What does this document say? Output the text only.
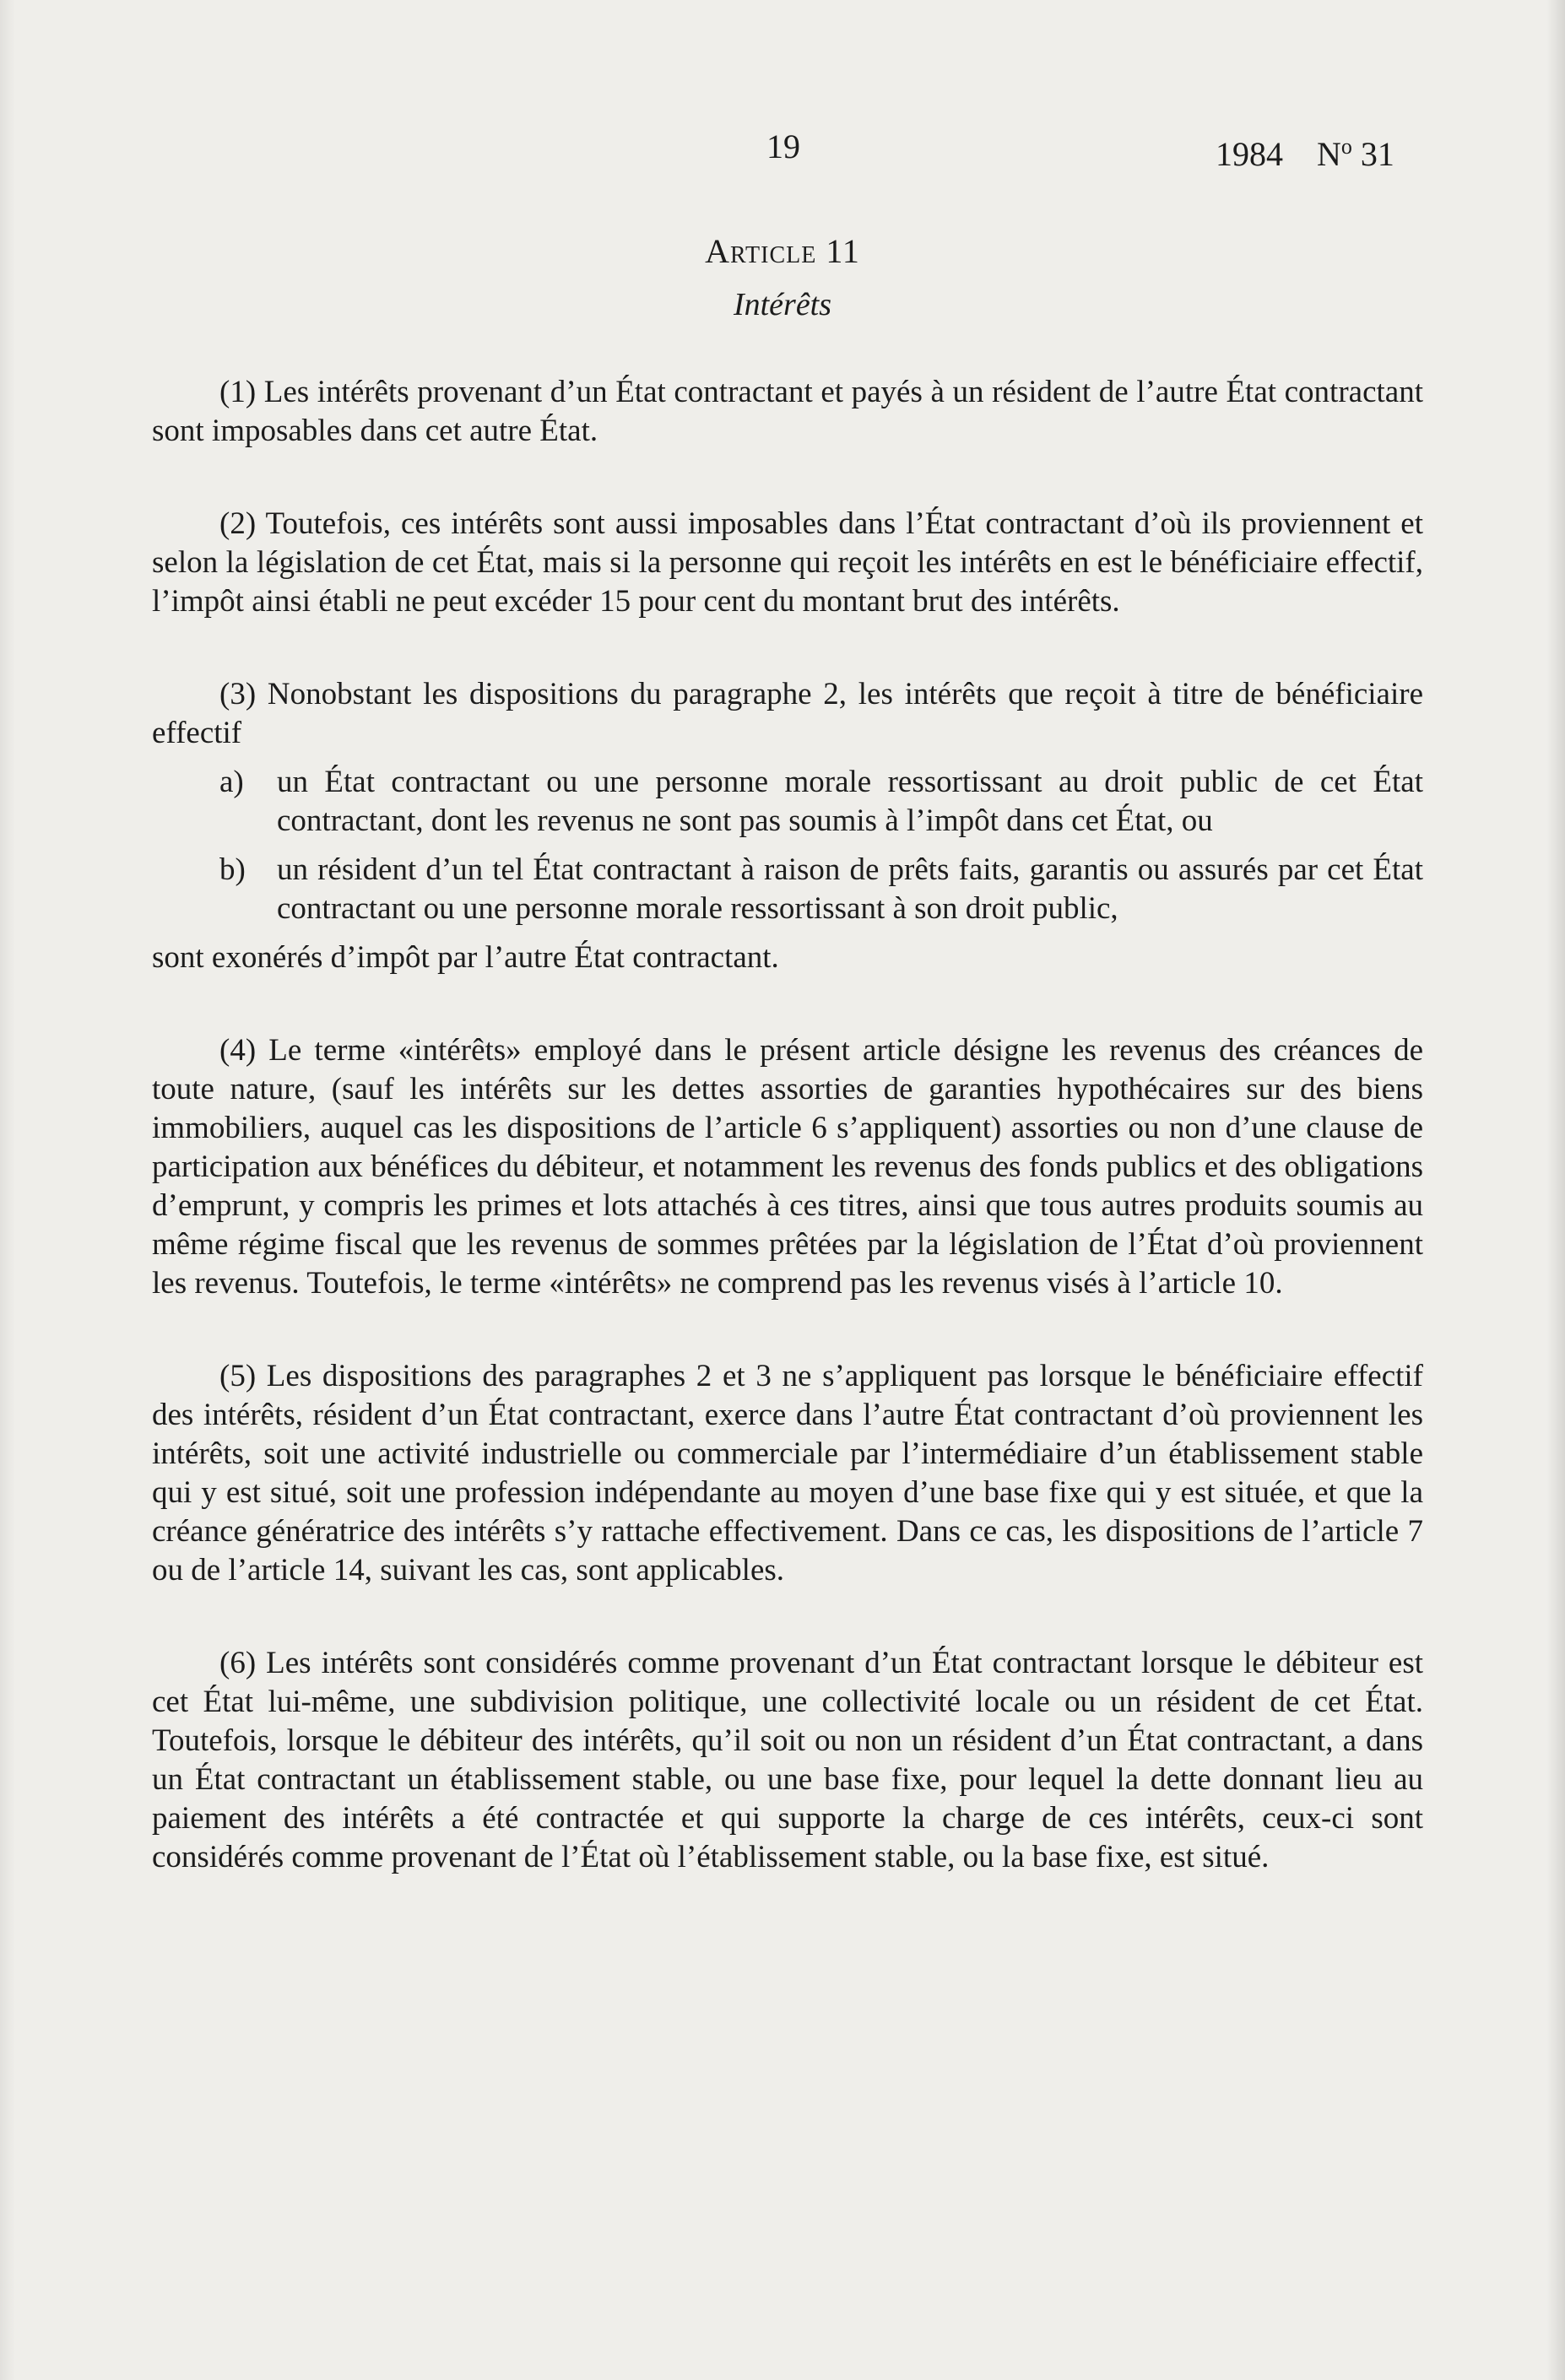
19	1984 $N^o$ 31
Article 11
Intérêts

(1) Les intérêts provenant d’un État contractant et payés à un résident de l’autre État contractant sont imposables dans cet autre État.

(2) Toutefois, ces intérêts sont aussi imposables dans l’État contractant d’où ils proviennent et selon la législation de cet État, mais si la personne qui reçoit les intérêts en est le bénéficiaire effectif, l’impôt ainsi établi ne peut excéder 15 pour cent du montant brut des intérêts.

(3) Nonobstant les dispositions du paragraphe 2, les intérêts que reçoit à titre de bénéficiaire effectif

a) un État contractant ou une personne morale ressortissant au droit public de cet État contractant, dont les revenus ne sont pas soumis à l’impôt dans cet État, ou
b) un résident d’un tel État contractant à raison de prêts faits, garantis ou assurés par cet État contractant ou une personne morale ressortissant à son droit public,

sont exonérés d’impôt par l’autre État contractant.

(4) Le terme «intérêts» employé dans le présent article désigne les revenus des créances de toute nature, (sauf les intérêts sur les dettes assorties de garanties hypothécaires sur des biens immobiliers, auquel cas les dispositions de l’article 6 s’appliquent) assorties ou non d’une clause de participation aux bénéfices du débiteur, et notamment les revenus des fonds publics et des obligations d’emprunt, y compris les primes et lots attachés à ces titres, ainsi que tous autres produits soumis au même régime fiscal que les revenus de sommes prêtées par la législation de l’État d’où proviennent les revenus. Toutefois, le terme «intérêts» ne comprend pas les revenus visés à l’article 10.

(5) Les dispositions des paragraphes 2 et 3 ne s’appliquent pas lorsque le bénéficiaire effectif des intérêts, résident d’un État contractant, exerce dans l’autre État contractant d’où proviennent les intérêts, soit une activité industrielle ou commerciale par l’intermédiaire d’un établissement stable qui y est situé, soit une profession indépendante au moyen d’une base fixe qui y est située, et que la créance génératrice des intérêts s’y rattache effectivement. Dans ce cas, les dispositions de l’article 7 ou de l’article 14, suivant les cas, sont applicables.

(6) Les intérêts sont considérés comme provenant d’un État contractant lorsque le débiteur est cet État lui-même, une subdivision politique, une collectivité locale ou un résident de cet État. Toutefois, lorsque le débiteur des intérêts, qu’il soit ou non un résident d’un État contractant, a dans un État contractant un établissement stable, ou une base fixe, pour lequel la dette donnant lieu au paiement des intérêts a été contractée et qui supporte la charge de ces intérêts, ceux-ci sont considérés comme provenant de l’État où l’établissement stable, ou la base fixe, est situé.
